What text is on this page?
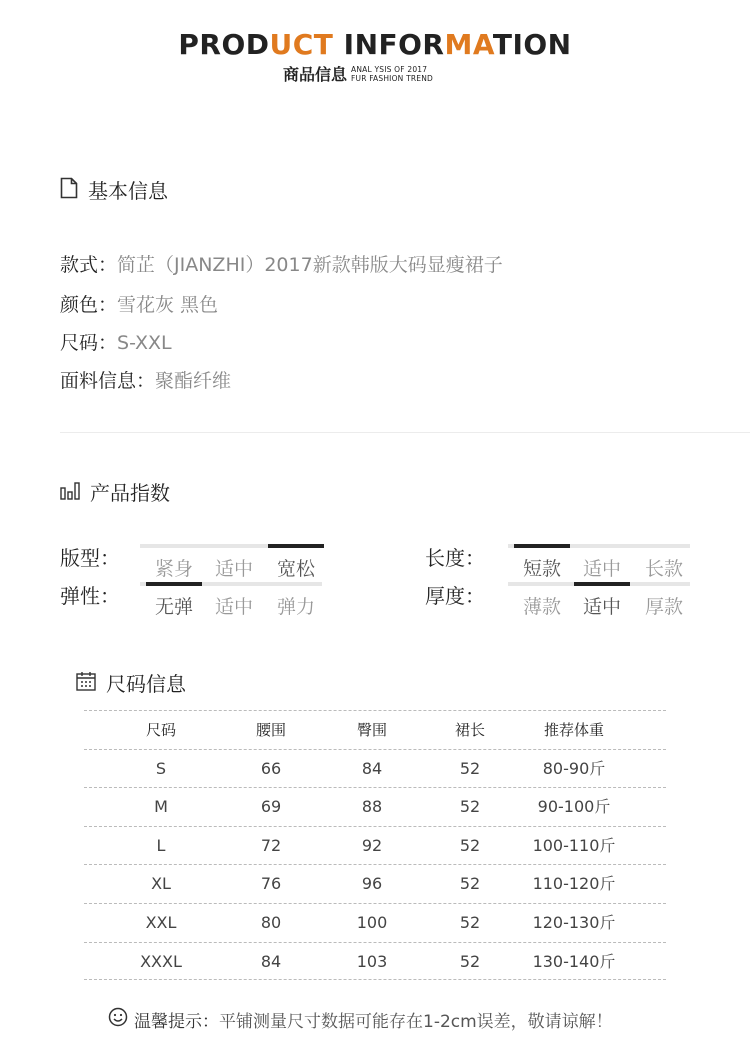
PRODUCT INFORMATION
商品信息 ANAL YSIS OF 2017
FUR FASHION TREND
基本信息
款式：简芷（JIANZHI）2017新款韩版大码显瘦裙子
颜色：雪花灰 黑色
尺码：S-XXL
面料信息：聚酯纤维
产品指数
版型：	紧身	适中	宽松
弹性：	无弹	适中	弹力
长度：	短款	适中	长款
厚度：	薄款	适中	厚款
尺码信息
尺码	腰围	臀围	裙长	推荐体重
S	66	84	52	80-90斤
M	69	88	52	90-100斤
L	72	92	52	100-110斤
XL	76	96	52	110-120斤
XXL	80	100	52	120-130斤
XXXL	84	103	52	130-140斤
温馨提示： 平铺测量尺寸数据可能存在1-2cm误差，敬请谅解！
